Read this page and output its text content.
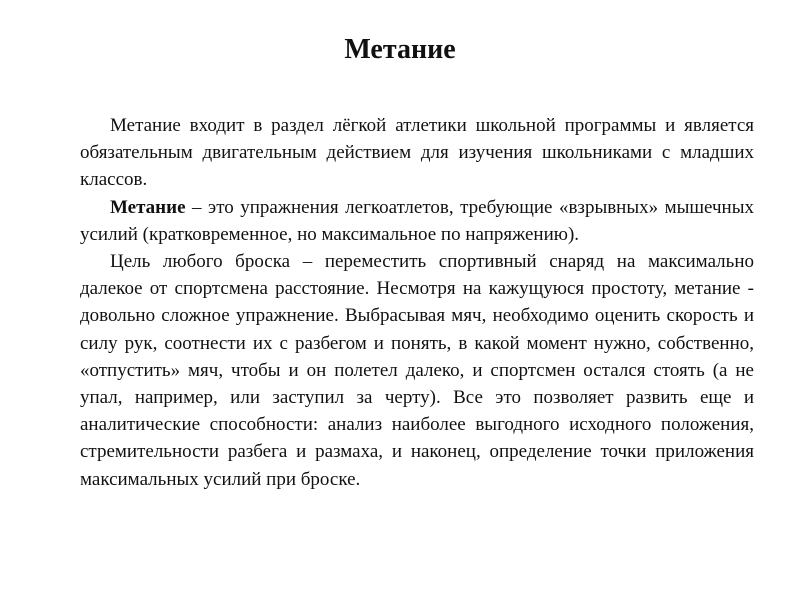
Метание

Метание входит в раздел лёгкой атлетики школьной программы и является обязательным двигательным действием для изучения школьниками с младших классов.

Метание – это упражнения легкоатлетов, требующие «взрывных» мышечных усилий (кратковременное, но максимальное по напряжению).

Цель любого броска – переместить спортивный снаряд на максимально далекое от спортсмена расстояние. Несмотря на кажущуюся простоту, метание - довольно сложное упражнение. Выбрасывая мяч, необходимо оценить скорость и силу рук, соотнести их с разбегом и понять, в какой момент нужно, собственно, «отпустить» мяч, чтобы и он полетел далеко, и спортсмен остался стоять (а не упал, например, или заступил за черту). Все это позволяет развить еще и аналитические способности: анализ наиболее выгодного исходного положения, стремительности разбега и размаха, и наконец, определение точки приложения максимальных усилий при броске.
